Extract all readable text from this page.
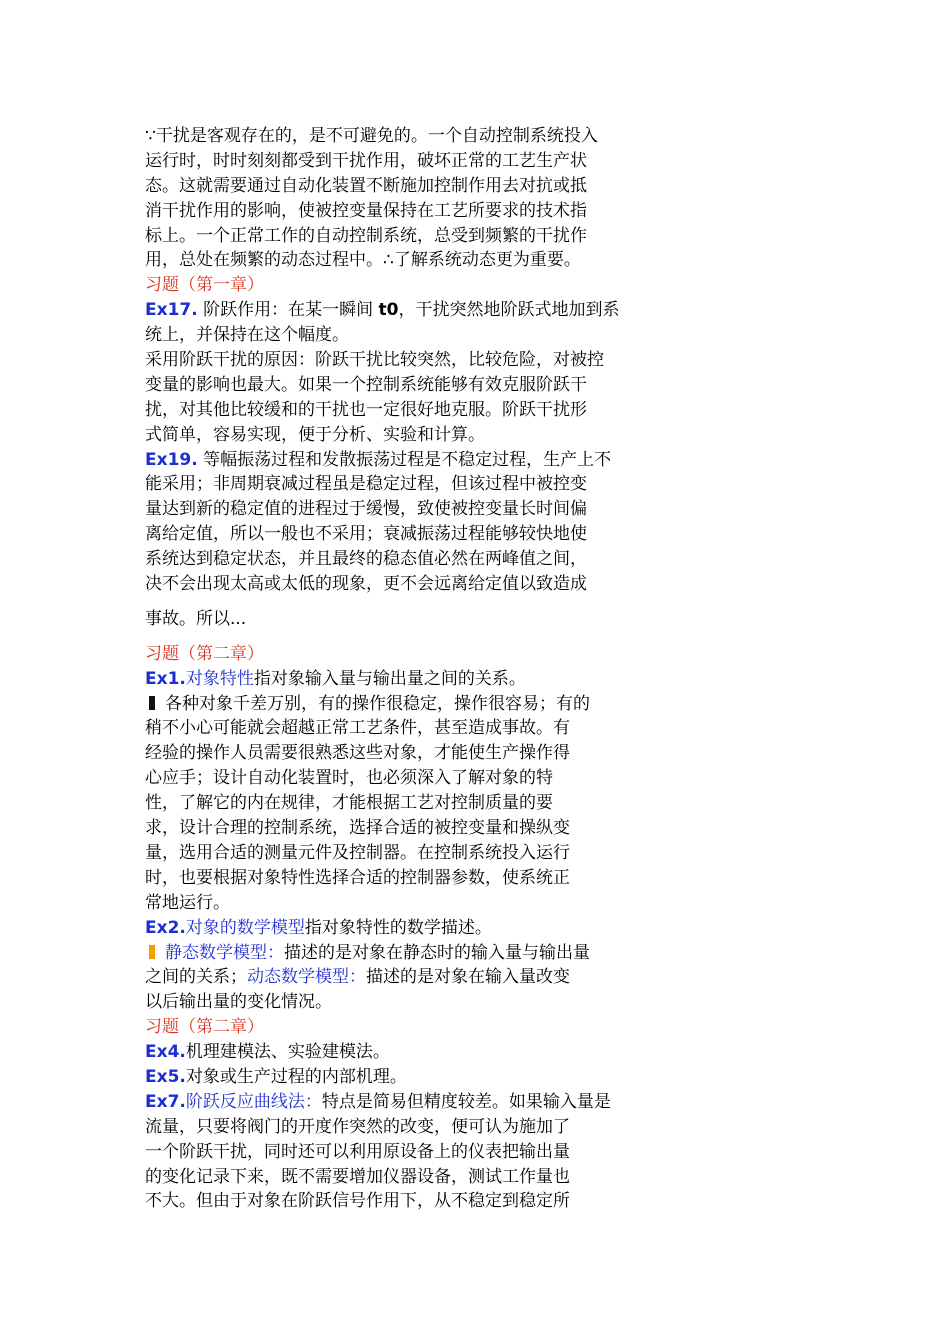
∵干扰是客观存在的，是不可避免的。一个自动控制系统投入
运行时，时时刻刻都受到干扰作用，破坏正常的工艺生产状
态。这就需要通过自动化装置不断施加控制作用去对抗或抵
消干扰作用的影响，使被控变量保持在工艺所要求的技术指
标上。一个正常工作的自动控制系统，总受到频繁的干扰作
用，总处在频繁的动态过程中。∴了解系统动态更为重要。
习题（第一章）
Ex17. 阶跃作用：在某一瞬间 t0，干扰突然地阶跃式地加到系
统上，并保持在这个幅度。
采用阶跃干扰的原因：阶跃干扰比较突然，比较危险，对被控
变量的影响也最大。如果一个控制系统能够有效克服阶跃干
扰，对其他比较缓和的干扰也一定很好地克服。阶跃干扰形
式简单，容易实现，便于分析、实验和计算。
Ex19. 等幅振荡过程和发散振荡过程是不稳定过程，生产上不
能采用；非周期衰减过程虽是稳定过程，但该过程中被控变
量达到新的稳定值的进程过于缓慢，致使被控变量长时间偏
离给定值，所以一般也不采用；衰减振荡过程能够较快地使
系统达到稳定状态，并且最终的稳态值必然在两峰值之间，
决不会出现太高或太低的现象，更不会远离给定值以致造成
事故。所以...
习题（第二章）
Ex1.对象特性指对象输入量与输出量之间的关系。
各种对象千差万别，有的操作很稳定，操作很容易；有的
稍不小心可能就会超越正常工艺条件，甚至造成事故。有
经验的操作人员需要很熟悉这些对象，才能使生产操作得
心应手；设计自动化装置时，也必须深入了解对象的特
性，了解它的内在规律，才能根据工艺对控制质量的要
求，设计合理的控制系统，选择合适的被控变量和操纵变
量，选用合适的测量元件及控制器。在控制系统投入运行
时，也要根据对象特性选择合适的控制器参数，使系统正
常地运行。
Ex2.对象的数学模型指对象特性的数学描述。
静态数学模型：描述的是对象在静态时的输入量与输出量
之间的关系；动态数学模型：描述的是对象在输入量改变
以后输出量的变化情况。
习题（第二章）
Ex4.机理建模法、实验建模法。
Ex5.对象或生产过程的内部机理。
Ex7.阶跃反应曲线法：特点是简易但精度较差。如果输入量是
流量，只要将阀门的开度作突然的改变，便可认为施加了
一个阶跃干扰，同时还可以利用原设备上的仪表把输出量
的变化记录下来，既不需要增加仪器设备，测试工作量也
不大。但由于对象在阶跃信号作用下，从不稳定到稳定所
